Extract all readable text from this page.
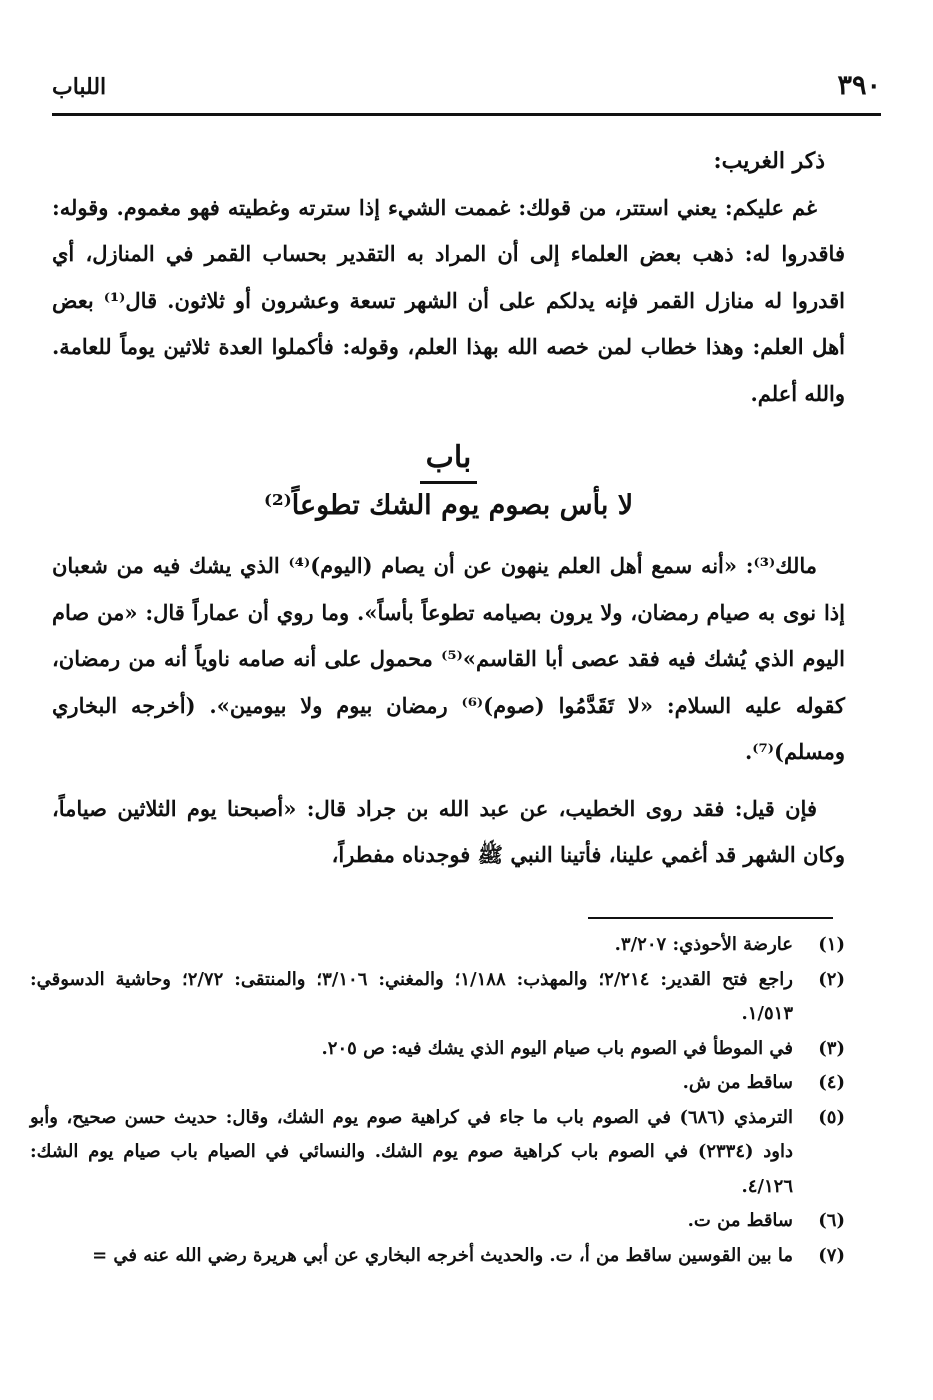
٣٩٠
اللباب

ذكر الغريب:

غم عليكم: يعني استتر، من قولك: غممت الشيء إذا سترته وغطيته فهو مغموم. وقوله: فاقدروا له: ذهب بعض العلماء إلى أن المراد به التقدير بحساب القمر في المنازل، أي اقدروا له منازل القمر فإنه يدلكم على أن الشهر تسعة وعشرون أو ثلاثون. قال⁽¹⁾ بعض أهل العلم: وهذا خطاب لمن خصه الله بهذا العلم، وقوله: فأكملوا العدة ثلاثين يوماً للعامة. والله أعلم.

باب
لا بأس بصوم يوم الشك تطوعاً⁽²⁾

مالك⁽³⁾: «أنه سمع أهل العلم ينهون عن أن يصام (اليوم)⁽⁴⁾ الذي يشك فيه من شعبان إذا نوى به صيام رمضان، ولا يرون بصيامه تطوعاً بأساً». وما روي أن عماراً قال: «من صام اليوم الذي يُشك فيه فقد عصى أبا القاسم»⁽⁵⁾ محمول على أنه صامه ناوياً أنه من رمضان، كقوله عليه السلام: «لا تَقَدَّمُوا (صوم)⁽⁶⁾ رمضان بيوم ولا بيومين». (أخرجه البخاري ومسلم)⁽⁷⁾.

فإن قيل: فقد روى الخطيب، عن عبد الله بن جراد قال: «أصبحنا يوم الثلاثين صياماً، وكان الشهر قد أغمي علينا، فأتينا النبي ﷺ فوجدناه مفطراً،

(١)
عارضة الأحوذي: ٣/٢٠٧.
(٢)
راجع فتح القدير: ٢/٢١٤؛ والمهذب: ١/١٨٨؛ والمغني: ٣/١٠٦؛ والمنتقى: ٢/٧٢؛ وحاشية الدسوقي: ١/٥١٣.
(٣)
في الموطأ في الصوم باب صيام اليوم الذي يشك فيه: ص ٢٠٥.
(٤)
ساقط من ش.
(٥)
الترمذي (٦٨٦) في الصوم باب ما جاء في كراهية صوم يوم الشك، وقال: حديث حسن صحيح، وأبو داود (٢٣٣٤) في الصوم باب كراهية صوم يوم الشك. والنسائي في الصيام باب صيام يوم الشك: ٤/١٢٦.
(٦)
ساقط من ت.
(٧)
ما بين القوسين ساقط من أ، ت. والحديث أخرجه البخاري عن أبي هريرة رضي الله عنه في =
